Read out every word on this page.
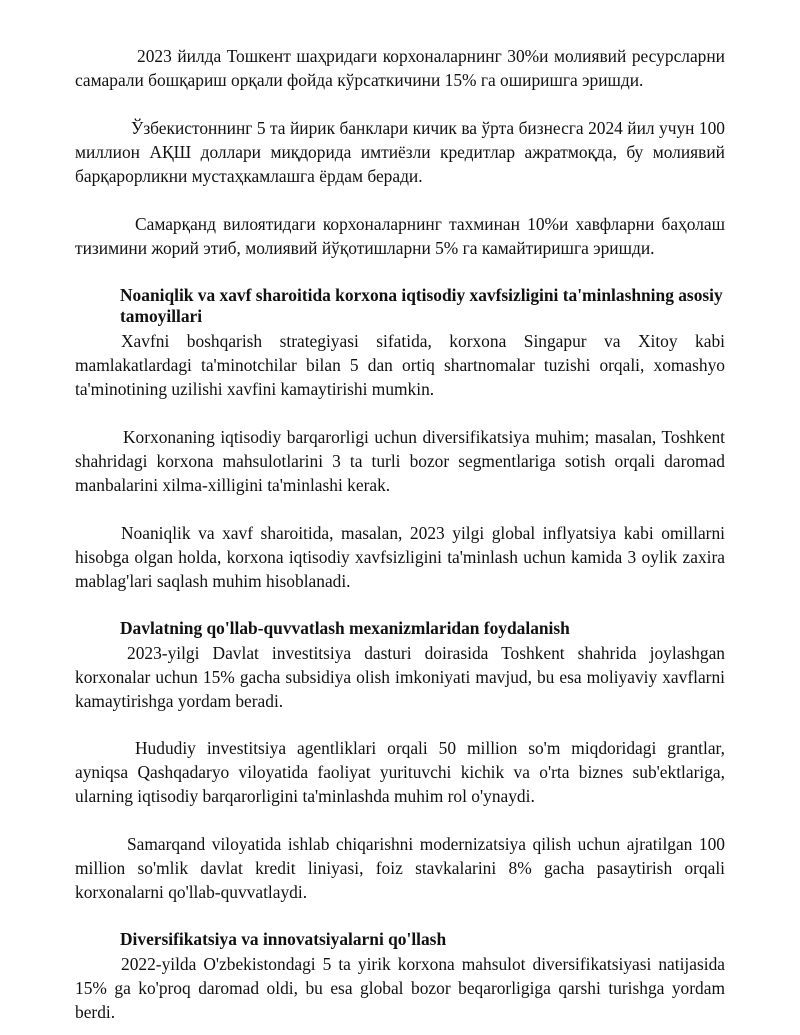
2023 йилда Тошкент шаҳридаги корхоналарнинг 30%и молиявий ресурсларни самарали бошқариш орқали фойда кўрсаткичини 15% га оширишга эришди.

Ўзбекистоннинг 5 та йирик банклари кичик ва ўрта бизнесга 2024 йил учун 100 миллион АҚШ доллари миқдорида имтиёзли кредитлар ажратмоқда, бу молиявий барқарорликни мустаҳкамлашга ёрдам беради.

Самарқанд вилоятидаги корхоналарнинг тахминан 10%и хавфларни баҳолаш тизимини жорий этиб, молиявий йўқотишларни 5% га камайтиришга эришди.

Noaniqlik va xavf sharoitida korxona iqtisodiy xavfsizligini ta'minlashning asosiy tamoyillari

Xavfni boshqarish strategiyasi sifatida, korxona Singapur va Xitoy kabi mamlakatlardagi ta'minotchilar bilan 5 dan ortiq shartnomalar tuzishi orqali, xomashyo ta'minotining uzilishi xavfini kamaytirishi mumkin.

Korxonaning iqtisodiy barqarorligi uchun diversifikatsiya muhim; masalan, Toshkent shahridagi korxona mahsulotlarini 3 ta turli bozor segmentlariga sotish orqali daromad manbalarini xilma-xilligini ta'minlashi kerak.

Noaniqlik va xavf sharoitida, masalan, 2023 yilgi global inflyatsiya kabi omillarni hisobga olgan holda, korxona iqtisodiy xavfsizligini ta'minlash uchun kamida 3 oylik zaxira mablag'lari saqlash muhim hisoblanadi.

Davlatning qo'llab-quvvatlash mexanizmlaridan foydalanish

2023-yilgi Davlat investitsiya dasturi doirasida Toshkent shahrida joylashgan korxonalar uchun 15% gacha subsidiya olish imkoniyati mavjud, bu esa moliyaviy xavflarni kamaytirishga yordam beradi.

Hududiy investitsiya agentliklari orqali 50 million so'm miqdoridagi grantlar, ayniqsa Qashqadaryo viloyatida faoliyat yurituvchi kichik va o'rta biznes sub'ektlariga, ularning iqtisodiy barqarorligini ta'minlashda muhim rol o'ynaydi.

Samarqand viloyatida ishlab chiqarishni modernizatsiya qilish uchun ajratilgan 100 million so'mlik davlat kredit liniyasi, foiz stavkalarini 8% gacha pasaytirish orqali korxonalarni qo'llab-quvvatlaydi.

Diversifikatsiya va innovatsiyalarni qo'llash

2022-yilda O'zbekistondagi 5 ta yirik korxona mahsulot diversifikatsiyasi natijasida 15% ga ko'proq daromad oldi, bu esa global bozor beqarorligiga qarshi turishga yordam berdi.
